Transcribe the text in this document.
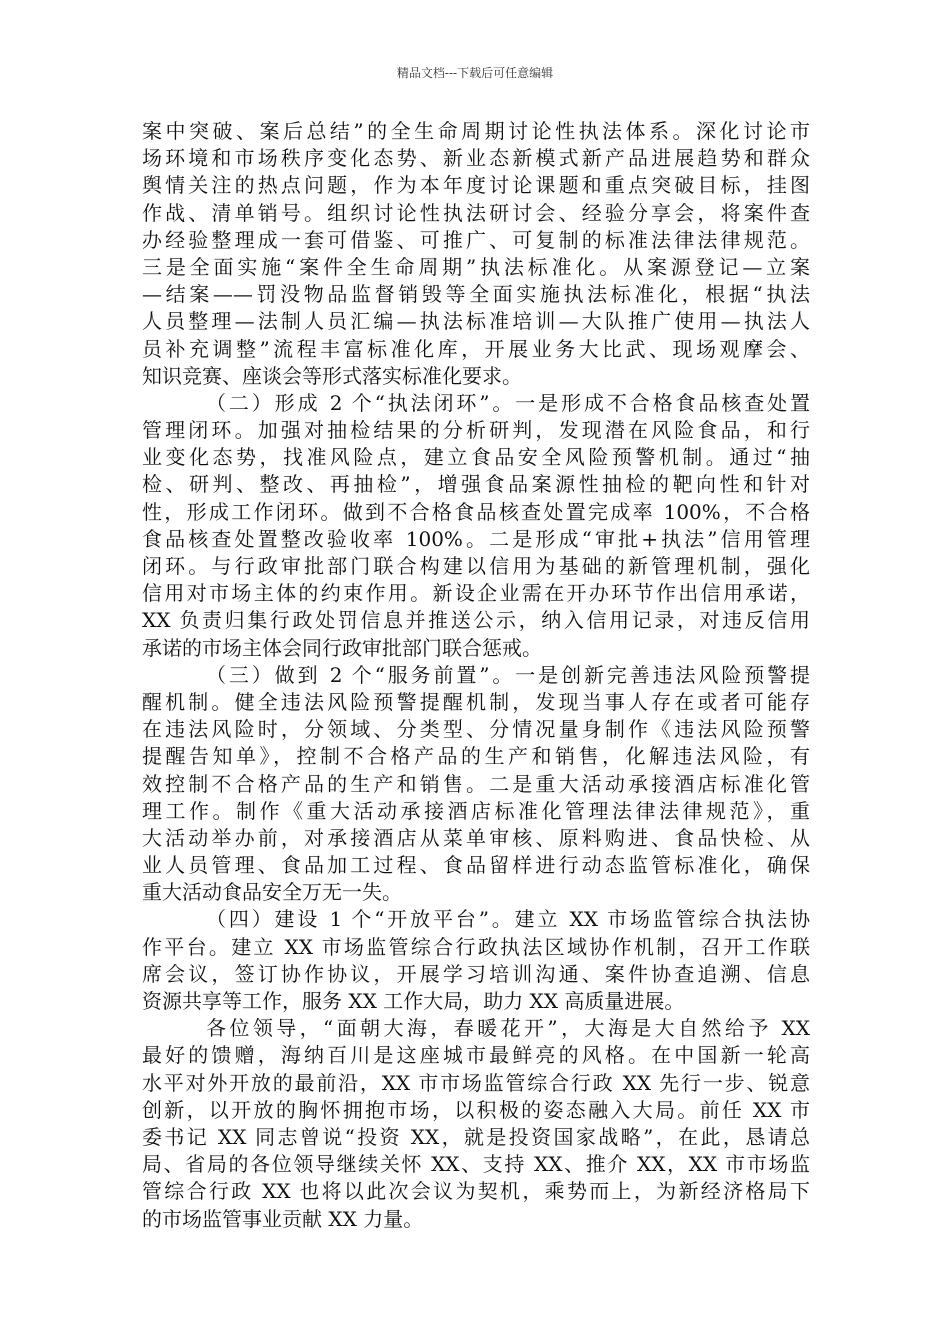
精品文档---下载后可任意编辑
案中突破、案后总结”的全生命周期讨论性执法体系。深化讨论市
场环境和市场秩序变化态势、新业态新模式新产品进展趋势和群众
舆情关注的热点问题，作为本年度讨论课题和重点突破目标，挂图
作战、清单销号。组织讨论性执法研讨会、经验分享会，将案件查
办经验整理成一套可借鉴、可推广、可复制的标准法律法律规范。
三是全面实施“案件全生命周期”执法标准化。从案源登记—立案
—结案——罚没物品监督销毁等全面实施执法标准化，根据“执法
人员整理—法制人员汇编—执法标准培训—大队推广使用—执法人
员补充调整”流程丰富标准化库，开展业务大比武、现场观摩会、
知识竞赛、座谈会等形式落实标准化要求。
（二）形成 2 个“执法闭环”。一是形成不合格食品核查处置
管理闭环。加强对抽检结果的分析研判，发现潜在风险食品，和行
业变化态势，找准风险点，建立食品安全风险预警机制。通过“抽
检、研判、整改、再抽检”，增强食品案源性抽检的靶向性和针对
性，形成工作闭环。做到不合格食品核查处置完成率 100%，不合格
食品核查处置整改验收率 100%。二是形成“审批+执法”信用管理
闭环。与行政审批部门联合构建以信用为基础的新管理机制，强化
信用对市场主体的约束作用。新设企业需在开办环节作出信用承诺，
XX 负责归集行政处罚信息并推送公示，纳入信用记录，对违反信用
承诺的市场主体会同行政审批部门联合惩戒。
（三）做到 2 个“服务前置”。一是创新完善违法风险预警提
醒机制。健全违法风险预警提醒机制，发现当事人存在或者可能存
在违法风险时，分领域、分类型、分情况量身制作《违法风险预警
提醒告知单》，控制不合格产品的生产和销售，化解违法风险，有
效控制不合格产品的生产和销售。二是重大活动承接酒店标准化管
理工作。制作《重大活动承接酒店标准化管理法律法律规范》，重
大活动举办前，对承接酒店从菜单审核、原料购进、食品快检、从
业人员管理、食品加工过程、食品留样进行动态监管标准化，确保
重大活动食品安全万无一失。
（四）建设 1 个“开放平台”。建立 XX 市场监管综合执法协
作平台。建立 XX 市场监管综合行政执法区域协作机制，召开工作联
席会议，签订协作协议，开展学习培训沟通、案件协查追溯、信息
资源共享等工作，服务 XX 工作大局，助力 XX 高质量进展。
各位领导，“面朝大海，春暖花开”，大海是大自然给予 XX
最好的馈赠，海纳百川是这座城市最鲜亮的风格。在中国新一轮高
水平对外开放的最前沿，XX 市市场监管综合行政 XX 先行一步、锐意
创新，以开放的胸怀拥抱市场，以积极的姿态融入大局。前任 XX 市
委书记 XX 同志曾说“投资 XX，就是投资国家战略”，在此，恳请总
局、省局的各位领导继续关怀 XX、支持 XX、推介 XX，XX 市市场监
管综合行政 XX 也将以此次会议为契机，乘势而上，为新经济格局下
的市场监管事业贡献 XX 力量。
